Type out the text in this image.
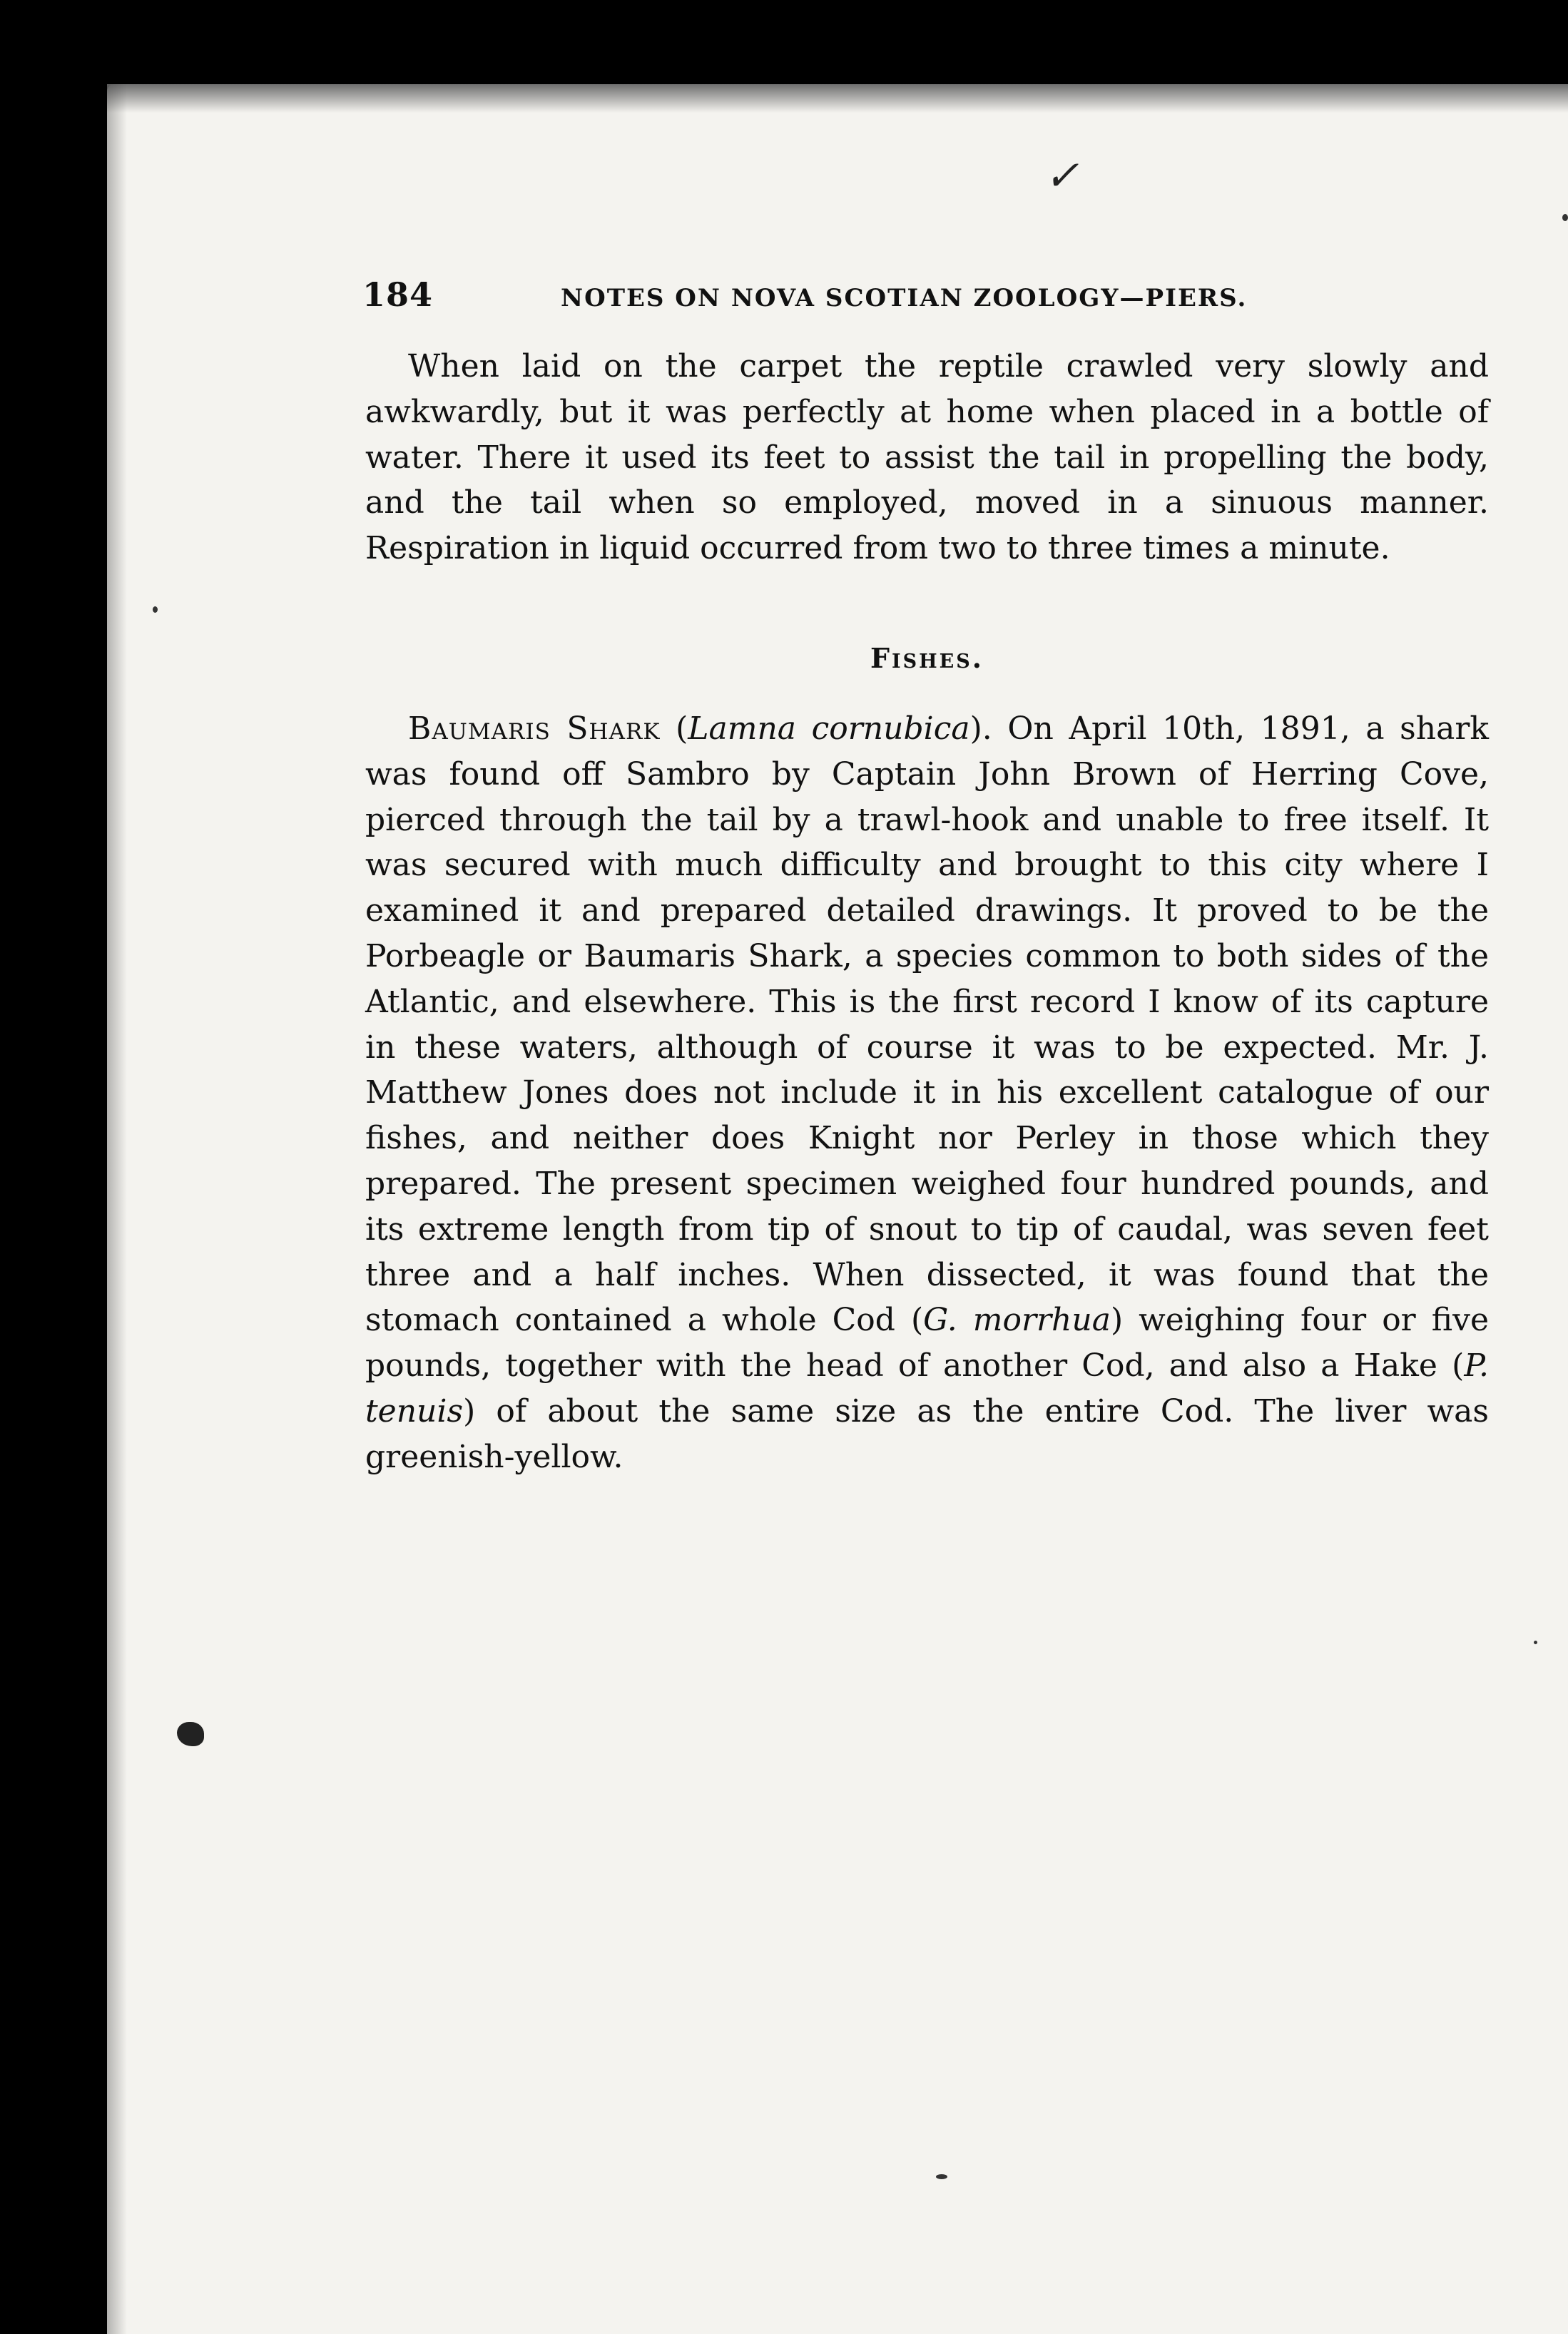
✓
184	NOTES ON NOVA SCOTIAN ZOOLOGY—PIERS.

When laid on the carpet the reptile crawled very slowly and awkwardly, but it was perfectly at home when placed in a bottle of water. There it used its feet to assist the tail in propelling the body, and the tail when so employed, moved in a sinuous manner. Respiration in liquid occurred from two to three times a minute.

Fishes.

Baumaris Shark (Lamna cornubica). On April 10th, 1891, a shark was found off Sambro by Captain John Brown of Herring Cove, pierced through the tail by a trawl-hook and unable to free itself. It was secured with much difficulty and brought to this city where I examined it and prepared detailed drawings. It proved to be the Porbeagle or Baumaris Shark, a species common to both sides of the Atlantic, and elsewhere. This is the first record I know of its capture in these waters, although of course it was to be expected. Mr. J. Matthew Jones does not include it in his excellent catalogue of our fishes, and neither does Knight nor Perley in those which they prepared. The present specimen weighed four hundred pounds, and its extreme length from tip of snout to tip of caudal, was seven feet three and a half inches. When dissected, it was found that the stomach contained a whole Cod (G. morrhua) weighing four or five pounds, together with the head of another Cod, and also a Hake (P. tenuis) of about the same size as the entire Cod. The liver was greenish-yellow.
